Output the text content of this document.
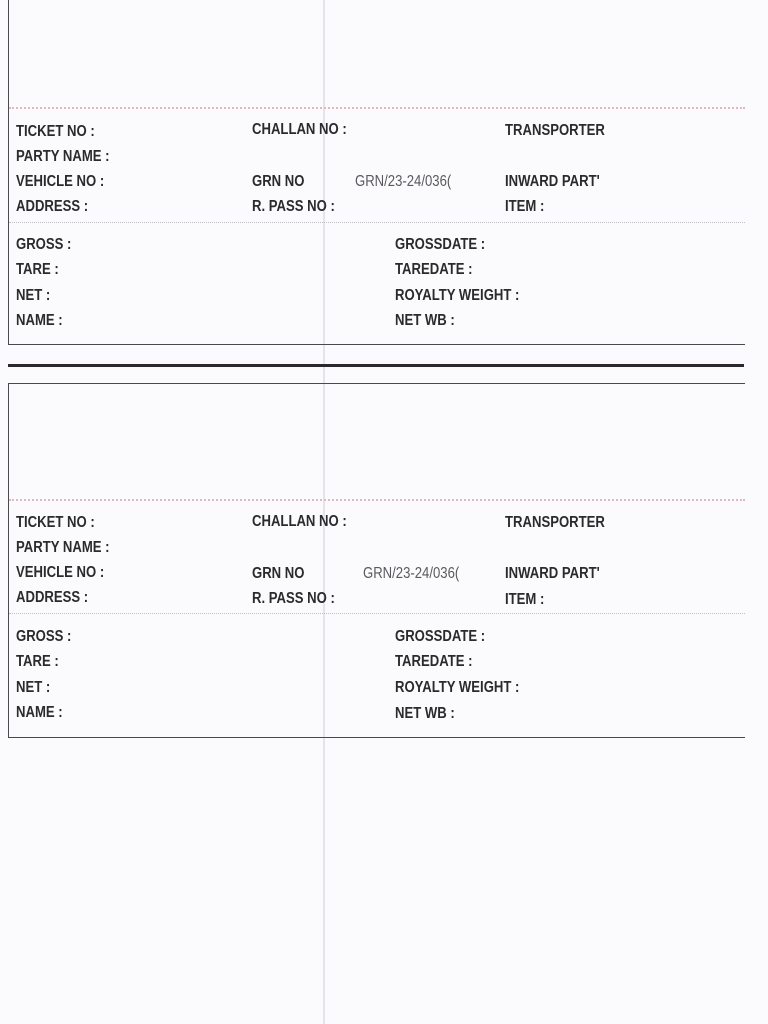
TICKET NO :	CHALLAN NO :	TRANSPORTER
PARTY NAME :
VEHICLE NO :	GRN NO	GRN/23-24/036(	INWARD PART'
ADDRESS :	R. PASS NO :	ITEM :
GROSS :	GROSSDATE :
TARE :	TAREDATE :
NET :	ROYALTY WEIGHT :
NAME :	NET WB :
TICKET NO :	CHALLAN NO :	TRANSPORTER
PARTY NAME :
VEHICLE NO :	GRN NO	GRN/23-24/036(	INWARD PART'
ADDRESS :	R. PASS NO :	ITEM :
GROSS :	GROSSDATE :
TARE :	TAREDATE :
NET :	ROYALTY WEIGHT :
NAME :	NET WB :
